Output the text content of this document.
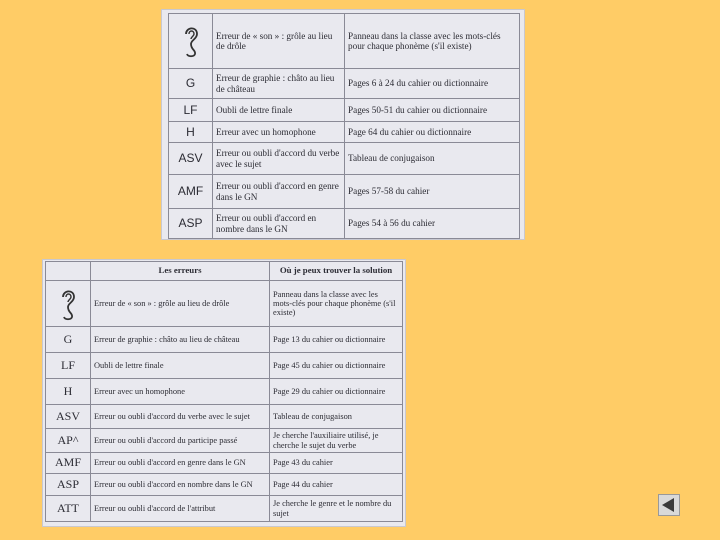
	Erreur de « son » : grôle au lieu de drôle	Panneau dans la classe avec les mots-clés pour chaque phonème (s'il existe)
G	Erreur de graphie : châto au lieu de château	Pages 6 à 24 du cahier ou dictionnaire
LF	Oubli de lettre finale	Pages 50-51 du cahier ou dictionnaire
H	Erreur avec un homophone	Page 64 du cahier ou dictionnaire
ASV	Erreur ou oubli d'accord du verbe avec le sujet	Tableau de conjugaison
AMF	Erreur ou oubli d'accord en genre dans le GN	Pages 57-58 du cahier
ASP	Erreur ou oubli d'accord en nombre dans le GN	Pages 54 à 56 du cahier
	Les erreurs	Où je peux trouver la solution

	Erreur de « son » : grôle au lieu de drôle	Panneau dans la classe avec les mots-clés pour chaque phonème (s'il existe)
G	Erreur de graphie : châto au lieu de château	Page 13 du cahier ou dictionnaire
LF	Oubli de lettre finale	Page 45 du cahier ou dictionnaire
H	Erreur avec un homophone	Page 29 du cahier ou dictionnaire
ASV	Erreur ou oubli d'accord du verbe avec le sujet	Tableau de conjugaison
AP^	Erreur ou oubli d'accord du participe passé	Je cherche l'auxiliaire utilisé, je cherche le sujet du verbe
AMF	Erreur ou oubli d'accord en genre dans le GN	Page 43 du cahier
ASP	Erreur ou oubli d'accord en nombre dans le GN	Page 44 du cahier
ATT	Erreur ou oubli d'accord de l'attribut	Je cherche le genre et le nombre du sujet
